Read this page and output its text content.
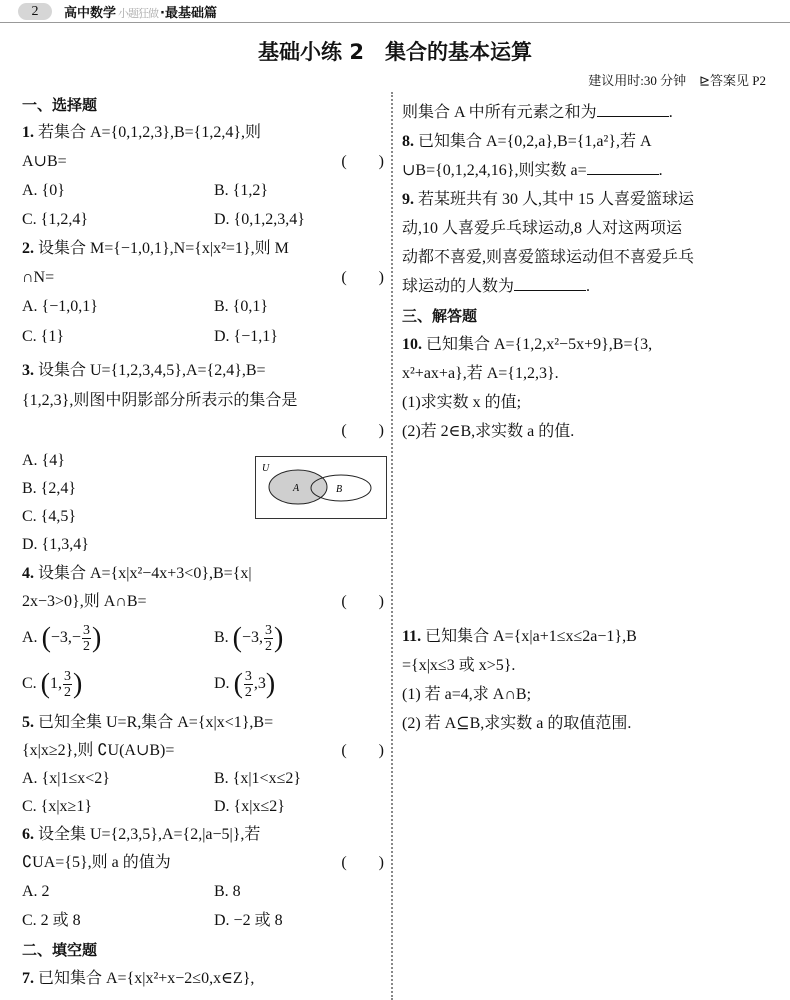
2	高中数学 小题狂做 ·最基础篇
基础小练 2　集合的基本运算
建议用时:30 分钟　⊵答案见 P2
一、选择题
1. 若集合 A={0,1,2,3},B={1,2,4},则
A∪B=	(　　)
A. {0}	B. {1,2}
C. {1,2,4}	D. {0,1,2,3,4}
2. 设集合 M={−1,0,1},N={x|x²=1},则 M
∩N=	(　　)
A. {−1,0,1}	B. {0,1}
C. {1}	D. {−1,1}
3. 设集合 U={1,2,3,4,5},A={2,4},B=
{1,2,3},则图中阴影部分所表示的集合是
(　　)
A. {4}
B. {2,4}
C. {4,5}
D. {1,3,4}
U
A	B
4. 设集合 A={x|x²−4x+3<0},B={x|
2x−3>0},则 A∩B=	(　　)
A. ($-3,- \frac{3}{2}$ )	B. (−3, $\frac{3}{2}$ )
C. (1, $\frac{3}{2}$ )	D. ( $\frac{3}{2} ,3$)
5. 已知全集 U=R,集合 A={x|x<1},B=
{x|x≥2},则 ∁U(A∪B)=	(　　)
A. {x|1≤x<2}	B. {x|1<x≤2}
C. {x|x≥1}	D. {x|x≤2}
6. 设全集 U={2,3,5},A={2,|a−5|},若
∁UA={5},则 a 的值为	(　　)
A. 2	B. 8
C. 2 或 8	D. −2 或 8
二、填空题
7. 已知集合 A={x|x²+x−2≤0,x∈Z},
则集合 A 中所有元素之和为	.
8. 已知集合 A={0,2,a},B={1,a²},若 A
∪B={0,1,2,4,16},则实数 a=	.
9. 若某班共有 30 人,其中 15 人喜爱篮球运
动,10 人喜爱乒乓球运动,8 人对这两项运
动都不喜爱,则喜爱篮球运动但不喜爱乒乓
球运动的人数为	.
三、解答题
10. 已知集合 A={1,2,x²−5x+9},B={3,
x²+ax+a},若 A={1,2,3}.
(1)求实数 x 的值;
(2)若 2∈B,求实数 a 的值.
11. 已知集合 A={x|a+1≤x≤2a−1},B
={x|x≤3 或 x>5}.
(1) 若 a=4,求 A∩B;
(2) 若 A⊆B,求实数 a 的取值范围.
